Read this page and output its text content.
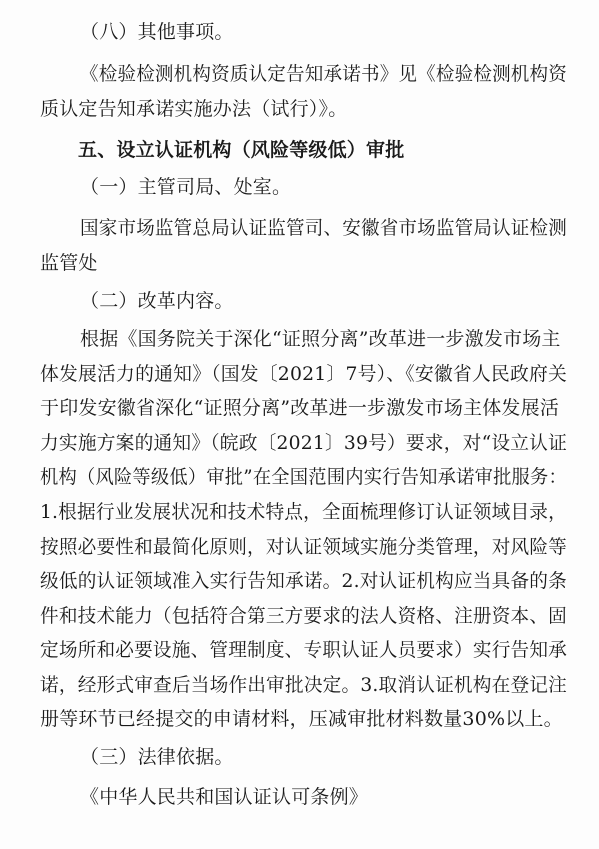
（八）其他事项。
《检验检测机构资质认定告知承诺书》见《检验检测机构资
质认定告知承诺实施办法（试行）》。
五、设立认证机构（风险等级低）审批
（一）主管司局、处室。
国家市场监管总局认证监管司、安徽省市场监管局认证检测
监管处
（二）改革内容。
根据《国务院关于深化“证照分离”改革进一步激发市场主
体发展活力的通知》（国发〔2021〕7号）、《安徽省人民政府关
于印发安徽省深化“证照分离”改革进一步激发市场主体发展活
力实施方案的通知》（皖政〔2021〕39号）要求，对“设立认证
机构（风险等级低）审批”在全国范围内实行告知承诺审批服务：
1.根据行业发展状况和技术特点，全面梳理修订认证领域目录，
按照必要性和最简化原则，对认证领域实施分类管理，对风险等
级低的认证领域准入实行告知承诺。2.对认证机构应当具备的条
件和技术能力（包括符合第三方要求的法人资格、注册资本、固
定场所和必要设施、管理制度、专职认证人员要求）实行告知承
诺，经形式审查后当场作出审批决定。3.取消认证机构在登记注
册等环节已经提交的申请材料，压减审批材料数量30%以上。
（三）法律依据。
《中华人民共和国认证认可条例》
